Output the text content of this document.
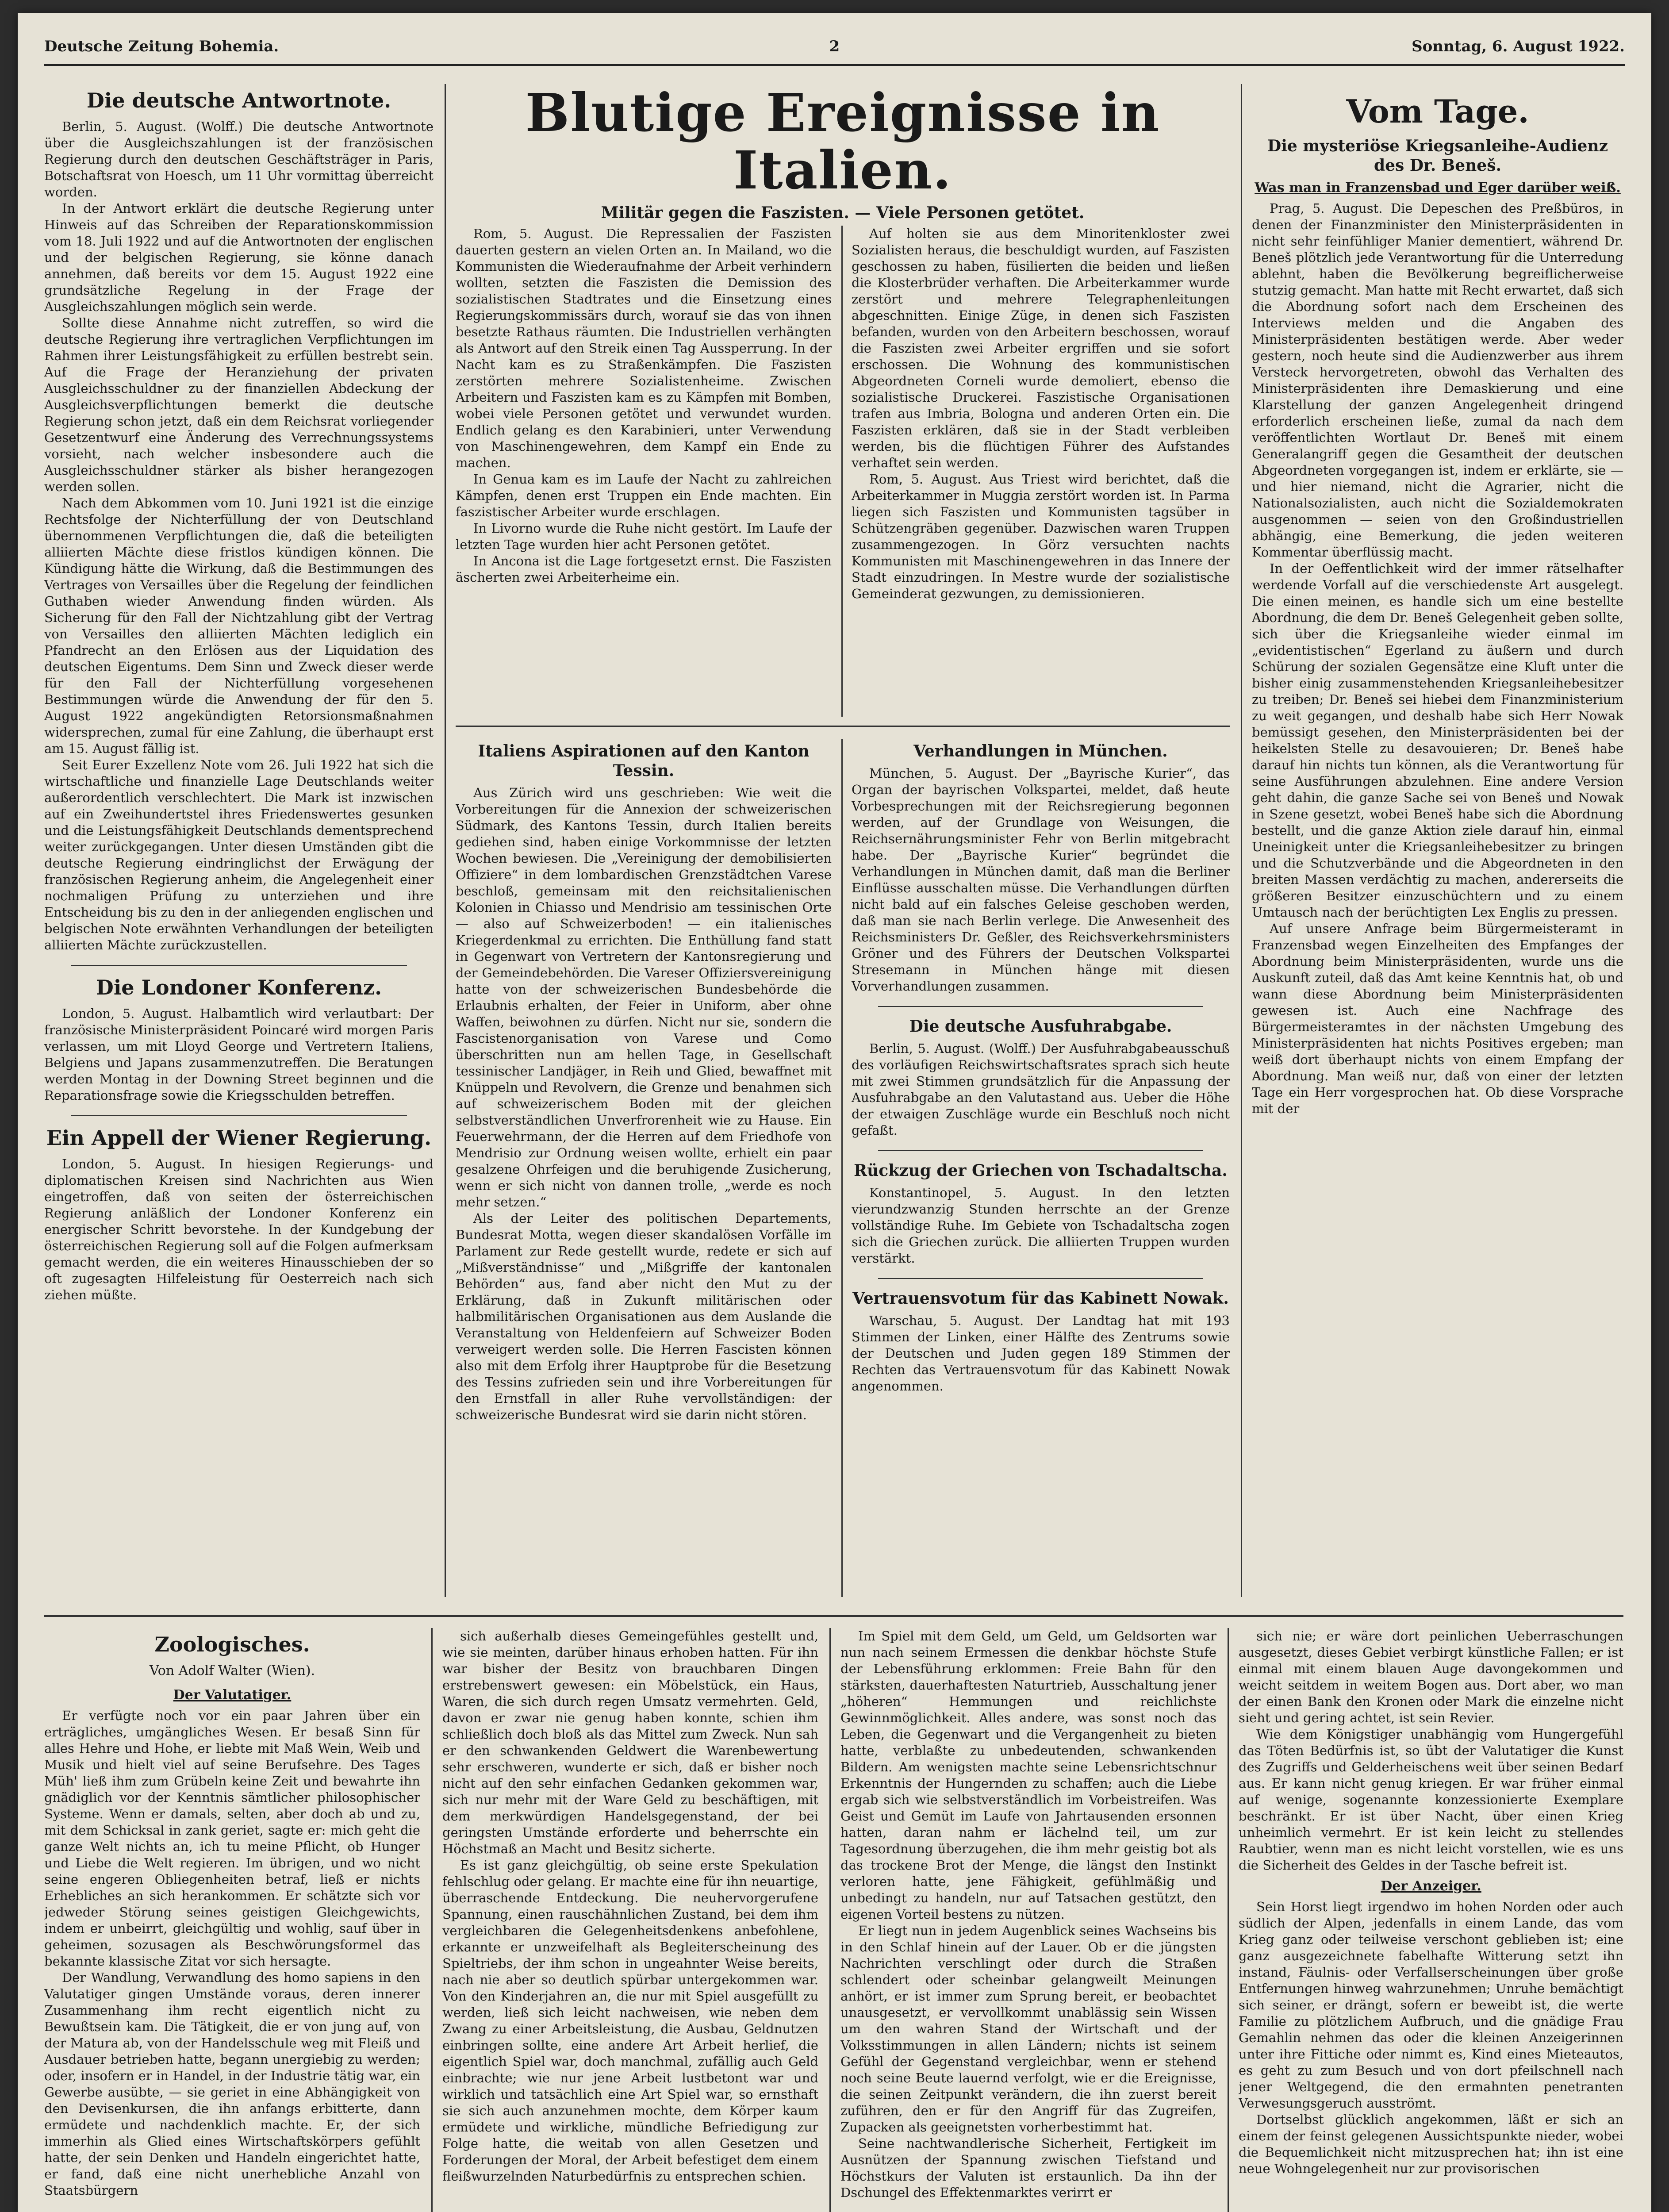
Deutsche Zeitung Bohemia.	2	Sonntag, 6. August 1922.
Die deutsche Antwortnote.

Berlin, 5. August. (Wolff.) Die deutsche Antwortnote über die Ausgleichszahlungen ist der französischen Regierung durch den deutschen Geschäftsträger in Paris, Botschaftsrat von Hoesch, um 11 Uhr vormittag überreicht worden.

In der Antwort erklärt die deutsche Regierung unter Hinweis auf das Schreiben der Reparationskommission vom 18. Juli 1922 und auf die Antwortnoten der englischen und der belgischen Regierung, sie könne danach annehmen, daß bereits vor dem 15. August 1922 eine grundsätzliche Regelung in der Frage der Ausgleichszahlungen möglich sein werde.

Sollte diese Annahme nicht zutreffen, so wird die deutsche Regierung ihre vertraglichen Verpflichtungen im Rahmen ihrer Leistungsfähigkeit zu erfüllen bestrebt sein. Auf die Frage der Heranziehung der privaten Ausgleichsschuldner zu der finanziellen Abdeckung der Ausgleichsverpflichtungen bemerkt die deutsche Regierung schon jetzt, daß ein dem Reichsrat vorliegender Gesetzentwurf eine Änderung des Verrechnungssystems vorsieht, nach welcher insbesondere auch die Ausgleichsschuldner stärker als bisher herangezogen werden sollen.

Nach dem Abkommen vom 10. Juni 1921 ist die einzige Rechtsfolge der Nichterfüllung der von Deutschland übernommenen Verpflichtungen die, daß die beteiligten alliierten Mächte diese fristlos kündigen können. Die Kündigung hätte die Wirkung, daß die Bestimmungen des Vertrages von Versailles über die Regelung der feindlichen Guthaben wieder Anwendung finden würden. Als Sicherung für den Fall der Nichtzahlung gibt der Vertrag von Versailles den alliierten Mächten lediglich ein Pfandrecht an den Erlösen aus der Liquidation des deutschen Eigentums. Dem Sinn und Zweck dieser werde für den Fall der Nichterfüllung vorgesehenen Bestimmungen würde die Anwendung der für den 5. August 1922 angekündigten Retorsionsmaßnahmen widersprechen, zumal für eine Zahlung, die überhaupt erst am 15. August fällig ist.

Seit Eurer Exzellenz Note vom 26. Juli 1922 hat sich die wirtschaftliche und finanzielle Lage Deutschlands weiter außerordentlich verschlechtert. Die Mark ist inzwischen auf ein Zweihundertstel ihres Friedenswertes gesunken und die Leistungsfähigkeit Deutschlands dementsprechend weiter zurückgegangen. Unter diesen Umständen gibt die deutsche Regierung eindringlichst der Erwägung der französischen Regierung anheim, die Angelegenheit einer nochmaligen Prüfung zu unterziehen und ihre Entscheidung bis zu den in der anliegenden englischen und belgischen Note erwähnten Verhandlungen der beteiligten alliierten Mächte zurückzustellen.

Die Londoner Konferenz.

London, 5. August. Halbamtlich wird verlautbart: Der französische Ministerpräsident Poincaré wird morgen Paris verlassen, um mit Lloyd George und Vertretern Italiens, Belgiens und Japans zusammenzutreffen. Die Beratungen werden Montag in der Downing Street beginnen und die Reparationsfrage sowie die Kriegsschulden betreffen.

Ein Appell der Wiener Regierung.

London, 5. August. In hiesigen Regierungs- und diplomatischen Kreisen sind Nachrichten aus Wien eingetroffen, daß von seiten der österreichischen Regierung anläßlich der Londoner Konferenz ein energischer Schritt bevorstehe. In der Kundgebung der österreichischen Regierung soll auf die Folgen aufmerksam gemacht werden, die ein weiteres Hinausschieben der so oft zugesagten Hilfeleistung für Oesterreich nach sich ziehen müßte.

Blutige Ereignisse in Italien.
Militär gegen die Faszisten. — Viele Personen getötet.

Rom, 5. August. Die Repressalien der Faszisten dauerten gestern an vielen Orten an. In Mailand, wo die Kommunisten die Wiederaufnahme der Arbeit verhindern wollten, setzten die Faszisten die Demission des sozialistischen Stadtrates und die Einsetzung eines Regierungskommissärs durch, worauf sie das von ihnen besetzte Rathaus räumten. Die Industriellen verhängten als Antwort auf den Streik einen Tag Aussperrung. In der Nacht kam es zu Straßenkämpfen. Die Faszisten zerstörten mehrere Sozialistenheime. Zwischen Arbeitern und Faszisten kam es zu Kämpfen mit Bomben, wobei viele Personen getötet und verwundet wurden. Endlich gelang es den Karabinieri, unter Verwendung von Maschinengewehren, dem Kampf ein Ende zu machen.

In Genua kam es im Laufe der Nacht zu zahlreichen Kämpfen, denen erst Truppen ein Ende machten. Ein faszistischer Arbeiter wurde erschlagen.

In Livorno wurde die Ruhe nicht gestört. Im Laufe der letzten Tage wurden hier acht Personen getötet.

In Ancona ist die Lage fortgesetzt ernst. Die Faszisten äscherten zwei Arbeiterheime ein.

Auf holten sie aus dem Minoritenkloster zwei Sozialisten heraus, die beschuldigt wurden, auf Faszisten geschossen zu haben, füsilierten die beiden und ließen die Klosterbrüder verhaften. Die Arbeiterkammer wurde zerstört und mehrere Telegraphenleitungen abgeschnitten. Einige Züge, in denen sich Faszisten befanden, wurden von den Arbeitern beschossen, worauf die Faszisten zwei Arbeiter ergriffen und sie sofort erschossen. Die Wohnung des kommunistischen Abgeordneten Corneli wurde demoliert, ebenso die sozialistische Druckerei. Faszistische Organisationen trafen aus Imbria, Bologna und anderen Orten ein. Die Faszisten erklären, daß sie in der Stadt verbleiben werden, bis die flüchtigen Führer des Aufstandes verhaftet sein werden.

Rom, 5. August. Aus Triest wird berichtet, daß die Arbeiterkammer in Muggia zerstört worden ist. In Parma liegen sich Faszisten und Kommunisten tagsüber in Schützengräben gegenüber. Dazwischen waren Truppen zusammengezogen. In Görz versuchten nachts Kommunisten mit Maschinengewehren in das Innere der Stadt einzudringen. In Mestre wurde der sozialistische Gemeinderat gezwungen, zu demissionieren.

Italiens Aspirationen auf den Kanton Tessin.

Aus Zürich wird uns geschrieben: Wie weit die Vorbereitungen für die Annexion der schweizerischen Südmark, des Kantons Tessin, durch Italien bereits gediehen sind, haben einige Vorkommnisse der letzten Wochen bewiesen. Die „Vereinigung der demobilisierten Offiziere“ in dem lombardischen Grenzstädtchen Varese beschloß, gemeinsam mit den reichsitalienischen Kolonien in Chiasso und Mendrisio am tessinischen Orte — also auf Schweizerboden! — ein italienisches Kriegerdenkmal zu errichten. Die Enthüllung fand statt in Gegenwart von Vertretern der Kantonsregierung und der Gemeindebehörden. Die Vareser Offiziersvereinigung hatte von der schweizerischen Bundesbehörde die Erlaubnis erhalten, der Feier in Uniform, aber ohne Waffen, beiwohnen zu dürfen. Nicht nur sie, sondern die Fascistenorganisation von Varese und Como überschritten nun am hellen Tage, in Gesellschaft tessinischer Landjäger, in Reih und Glied, bewaffnet mit Knüppeln und Revolvern, die Grenze und benahmen sich auf schweizerischem Boden mit der gleichen selbstverständlichen Unverfrorenheit wie zu Hause. Ein Feuerwehrmann, der die Herren auf dem Friedhofe von Mendrisio zur Ordnung weisen wollte, erhielt ein paar gesalzene Ohrfeigen und die beruhigende Zusicherung, wenn er sich nicht von dannen trolle, „werde es noch mehr setzen.“

Als der Leiter des politischen Departements, Bundesrat Motta, wegen dieser skandalösen Vorfälle im Parlament zur Rede gestellt wurde, redete er sich auf „Mißverständnisse“ und „Mißgriffe der kantonalen Behörden“ aus, fand aber nicht den Mut zu der Erklärung, daß in Zukunft militärischen oder halbmilitärischen Organisationen aus dem Auslande die Veranstaltung von Heldenfeiern auf Schweizer Boden verweigert werden solle. Die Herren Fascisten können also mit dem Erfolg ihrer Hauptprobe für die Besetzung des Tessins zufrieden sein und ihre Vorbereitungen für den Ernstfall in aller Ruhe vervollständigen: der schweizerische Bundesrat wird sie darin nicht stören.

Verhandlungen in München.

München, 5. August. Der „Bayrische Kurier“, das Organ der bayrischen Volkspartei, meldet, daß heute Vorbesprechungen mit der Reichsregierung begonnen werden, auf der Grundlage von Weisungen, die Reichsernährungsminister Fehr von Berlin mitgebracht habe. Der „Bayrische Kurier“ begründet die Verhandlungen in München damit, daß man die Berliner Einflüsse ausschalten müsse. Die Verhandlungen dürften nicht bald auf ein falsches Geleise geschoben werden, daß man sie nach Berlin verlege. Die Anwesenheit des Reichsministers Dr. Geßler, des Reichsverkehrsministers Gröner und des Führers der Deutschen Volkspartei Stresemann in München hänge mit diesen Vorverhandlungen zusammen.

Die deutsche Ausfuhrabgabe.

Berlin, 5. August. (Wolff.) Der Ausfuhrabgabeausschuß des vorläufigen Reichswirtschaftsrates sprach sich heute mit zwei Stimmen grundsätzlich für die Anpassung der Ausfuhrabgabe an den Valutastand aus. Ueber die Höhe der etwaigen Zuschläge wurde ein Beschluß noch nicht gefaßt.

Rückzug der Griechen von Tschadaltscha.

Konstantinopel, 5. August. In den letzten vierundzwanzig Stunden herrschte an der Grenze vollständige Ruhe. Im Gebiete von Tschadaltscha zogen sich die Griechen zurück. Die alliierten Truppen wurden verstärkt.

Vertrauensvotum für das Kabinett Nowak.

Warschau, 5. August. Der Landtag hat mit 193 Stimmen der Linken, einer Hälfte des Zentrums sowie der Deutschen und Juden gegen 189 Stimmen der Rechten das Vertrauensvotum für das Kabinett Nowak angenommen.

Vom Tage.
Die mysteriöse Kriegsanleihe-Audienz des Dr. Beneš.
Was man in Franzensbad und Eger darüber weiß.

Prag, 5. August. Die Depeschen des Preßbüros, in denen der Finanzminister den Ministerpräsidenten in nicht sehr feinfühliger Manier dementiert, während Dr. Beneš plötzlich jede Verantwortung für die Unterredung ablehnt, haben die Bevölkerung begreiflicherweise stutzig gemacht. Man hatte mit Recht erwartet, daß sich die Abordnung sofort nach dem Erscheinen des Interviews melden und die Angaben des Ministerpräsidenten bestätigen werde. Aber weder gestern, noch heute sind die Audienzwerber aus ihrem Versteck hervorgetreten, obwohl das Verhalten des Ministerpräsidenten ihre Demaskierung und eine Klarstellung der ganzen Angelegenheit dringend erforderlich erscheinen ließe, zumal da nach dem veröffentlichten Wortlaut Dr. Beneš mit einem Generalangriff gegen die Gesamtheit der deutschen Abgeordneten vorgegangen ist, indem er erklärte, sie — und hier niemand, nicht die Agrarier, nicht die Nationalsozialisten, auch nicht die Sozialdemokraten ausgenommen — seien von den Großindustriellen abhängig, eine Bemerkung, die jeden weiteren Kommentar überflüssig macht.

In der Oeffentlichkeit wird der immer rätselhafter werdende Vorfall auf die verschiedenste Art ausgelegt. Die einen meinen, es handle sich um eine bestellte Abordnung, die dem Dr. Beneš Gelegenheit geben sollte, sich über die Kriegsanleihe wieder einmal im „evidentistischen“ Egerland zu äußern und durch Schürung der sozialen Gegensätze eine Kluft unter die bisher einig zusammenstehenden Kriegsanleihebesitzer zu treiben; Dr. Beneš sei hiebei dem Finanzministerium zu weit gegangen, und deshalb habe sich Herr Nowak bemüssigt gesehen, den Ministerpräsidenten bei der heikelsten Stelle zu desavouieren; Dr. Beneš habe darauf hin nichts tun können, als die Verantwortung für seine Ausführungen abzulehnen. Eine andere Version geht dahin, die ganze Sache sei von Beneš und Nowak in Szene gesetzt, wobei Beneš habe sich die Abordnung bestellt, und die ganze Aktion ziele darauf hin, einmal Uneinigkeit unter die Kriegsanleihebesitzer zu bringen und die Schutzverbände und die Abgeordneten in den breiten Massen verdächtig zu machen, andererseits die größeren Besitzer einzuschüchtern und zu einem Umtausch nach der berüchtigten Lex Englis zu pressen.

Auf unsere Anfrage beim Bürgermeisteramt in Franzensbad wegen Einzelheiten des Empfanges der Abordnung beim Ministerpräsidenten, wurde uns die Auskunft zuteil, daß das Amt keine Kenntnis hat, ob und wann diese Abordnung beim Ministerpräsidenten gewesen ist. Auch eine Nachfrage des Bürgermeisteramtes in der nächsten Umgebung des Ministerpräsidenten hat nichts Positives ergeben; man weiß dort überhaupt nichts von einem Empfang der Abordnung. Man weiß nur, daß von einer der letzten Tage ein Herr vorgesprochen hat. Ob diese Vorsprache mit der

Zoologisches.
Von Adolf Walter (Wien).
Der Valutatiger.

Er verfügte noch vor ein paar Jahren über ein erträgliches, umgängliches Wesen. Er besaß Sinn für alles Hehre und Hohe, er liebte mit Maß Wein, Weib und Musik und hielt viel auf seine Berufsehre. Des Tages Müh' ließ ihm zum Grübeln keine Zeit und bewahrte ihn gnädiglich vor der Kenntnis sämtlicher philosophischer Systeme. Wenn er damals, selten, aber doch ab und zu, mit dem Schicksal in zank geriet, sagte er: mich geht die ganze Welt nichts an, ich tu meine Pflicht, ob Hunger und Liebe die Welt regieren. Im übrigen, und wo nicht seine engeren Obliegenheiten betraf, ließ er nichts Erhebliches an sich herankommen. Er schätzte sich vor jedweder Störung seines geistigen Gleichgewichts, indem er unbeirrt, gleichgültig und wohlig, sauf über in geheimen, sozusagen als Beschwörungsformel das bekannte klassische Zitat vor sich hersagte.

Der Wandlung, Verwandlung des homo sapiens in den Valutatiger gingen Umstände voraus, deren innerer Zusammenhang ihm recht eigentlich nicht zu Bewußtsein kam. Die Tätigkeit, die er von jung auf, von der Matura ab, von der Handelsschule weg mit Fleiß und Ausdauer betrieben hatte, begann unergiebig zu werden; oder, insofern er in Handel, in der Industrie tätig war, ein Gewerbe ausübte, — sie geriet in eine Abhängigkeit von den Devisenkursen, die ihn anfangs erbitterte, dann ermüdete und nachdenklich machte. Er, der sich immerhin als Glied eines Wirtschaftskörpers gefühlt hatte, der sein Denken und Handeln eingerichtet hatte, er fand, daß eine nicht unerhebliche Anzahl von Staatsbürgern

sich außerhalb dieses Gemeingefühles gestellt und, wie sie meinten, darüber hinaus erhoben hatten. Für ihn war bisher der Besitz von brauchbaren Dingen erstrebenswert gewesen: ein Möbelstück, ein Haus, Waren, die sich durch regen Umsatz vermehrten. Geld, davon er zwar nie genug haben konnte, schien ihm schließlich doch bloß als das Mittel zum Zweck. Nun sah er den schwankenden Geldwert die Warenbewertung sehr erschweren, wunderte er sich, daß er bisher noch nicht auf den sehr einfachen Gedanken gekommen war, sich nur mehr mit der Ware Geld zu beschäftigen, mit dem merkwürdigen Handelsgegenstand, der bei geringsten Umstände erforderte und beherrschte ein Höchstmaß an Macht und Besitz sicherte.

Es ist ganz gleichgültig, ob seine erste Spekulation fehlschlug oder gelang. Er machte eine für ihn neuartige, überraschende Entdeckung. Die neuhervorgerufene Spannung, einen rauschähnlichen Zustand, bei dem ihm vergleichbaren die Gelegenheitsdenkens anbefohlene, erkannte er unzweifelhaft als Begleiterscheinung des Spieltriebs, der ihm schon in ungeahnter Weise bereits, nach nie aber so deutlich spürbar untergekommen war. Von den Kinderjahren an, die nur mit Spiel ausgefüllt zu werden, ließ sich leicht nachweisen, wie neben dem Zwang zu einer Arbeitsleistung, die Ausbau, Geldnutzen einbringen sollte, eine andere Art Arbeit herlief, die eigentlich Spiel war, doch manchmal, zufällig auch Geld einbrachte; wie nur jene Arbeit lustbetont war und wirklich und tatsächlich eine Art Spiel war, so ernsthaft sie sich auch anzunehmen mochte, dem Körper kaum ermüdete und wirkliche, mündliche Befriedigung zur Folge hatte, die weitab von allen Gesetzen und Forderungen der Moral, der Arbeit befestiget dem einem fleißwurzelnden Naturbedürfnis zu entsprechen schien.

Im Spiel mit dem Geld, um Geld, um Geldsorten war nun nach seinem Ermessen die denkbar höchste Stufe der Lebensführung erklommen: Freie Bahn für den stärksten, dauerhaftesten Naturtrieb, Ausschaltung jener „höheren“ Hemmungen und reichlichste Gewinnmöglichkeit. Alles andere, was sonst noch das Leben, die Gegenwart und die Vergangenheit zu bieten hatte, verblaßte zu unbedeutenden, schwankenden Bildern. Am wenigsten machte seine Lebensrichtschnur Erkenntnis der Hungernden zu schaffen; auch die Liebe ergab sich wie selbstverständlich im Vorbeistreifen. Was Geist und Gemüt im Laufe von Jahrtausenden ersonnen hatten, daran nahm er lächelnd teil, um zur Tagesordnung überzugehen, die ihm mehr geistig bot als das trockene Brot der Menge, die längst den Instinkt verloren hatte, jene Fähigkeit, gefühlmäßig und unbedingt zu handeln, nur auf Tatsachen gestützt, den eigenen Vorteil bestens zu nützen.

Er liegt nun in jedem Augenblick seines Wachseins bis in den Schlaf hinein auf der Lauer. Ob er die jüngsten Nachrichten verschlingt oder durch die Straßen schlendert oder scheinbar gelangweilt Meinungen anhört, er ist immer zum Sprung bereit, er beobachtet unausgesetzt, er vervollkommt unablässig sein Wissen um den wahren Stand der Wirtschaft und der Volksstimmungen in allen Ländern; nichts ist seinem Gefühl der Gegenstand vergleichbar, wenn er stehend noch seine Beute lauernd verfolgt, wie er die Ereignisse, die seinen Zeitpunkt verändern, die ihn zuerst bereit zuführen, den er für den Angriff für das Zugreifen, Zupacken als geeignetsten vorherbestimmt hat.

Seine nachtwandlerische Sicherheit, Fertigkeit im Ausnützen der Spannung zwischen Tiefstand und Höchstkurs der Valuten ist erstaunlich. Da ihn der Dschungel des Effektenmarktes verirrt er

sich nie; er wäre dort peinlichen Ueberraschungen ausgesetzt, dieses Gebiet verbirgt künstliche Fallen; er ist einmal mit einem blauen Auge davongekommen und weicht seitdem in weitem Bogen aus. Dort aber, wo man der einen Bank den Kronen oder Mark die einzelne nicht sieht und gering achtet, ist sein Revier.

Wie dem Königstiger unabhängig vom Hungergefühl das Töten Bedürfnis ist, so übt der Valutatiger die Kunst des Zugriffs und Gelderheischens weit über seinen Bedarf aus. Er kann nicht genug kriegen. Er war früher einmal auf wenige, sogenannte konzessionierte Exemplare beschränkt. Er ist über Nacht, über einen Krieg unheimlich vermehrt. Er ist kein leicht zu stellendes Raubtier, wenn man es nicht leicht vorstellen, wie es uns die Sicherheit des Geldes in der Tasche befreit ist.

Der Anzeiger.

Sein Horst liegt irgendwo im hohen Norden oder auch südlich der Alpen, jedenfalls in einem Lande, das vom Krieg ganz oder teilweise verschont geblieben ist; eine ganz ausgezeichnete fabelhafte Witterung setzt ihn instand, Fäulnis- oder Verfallserscheinungen über große Entfernungen hinweg wahrzunehmen; Unruhe bemächtigt sich seiner, er drängt, sofern er beweibt ist, die werte Familie zu plötzlichem Aufbruch, und die gnädige Frau Gemahlin nehmen das oder die kleinen Anzeigerinnen unter ihre Fittiche oder nimmt es, Kind eines Mieteautos, es geht zu zum Besuch und von dort pfeilschnell nach jener Weltgegend, die den ermahnten penetranten Verwesungsgeruch ausströmt.

Dortselbst glücklich angekommen, läßt er sich an einem der feinst gelegenen Aussichtspunkte nieder, wobei die Bequemlichkeit nicht mitzusprechen hat; ihn ist eine neue Wohngelegenheit nur zur provisorischen
